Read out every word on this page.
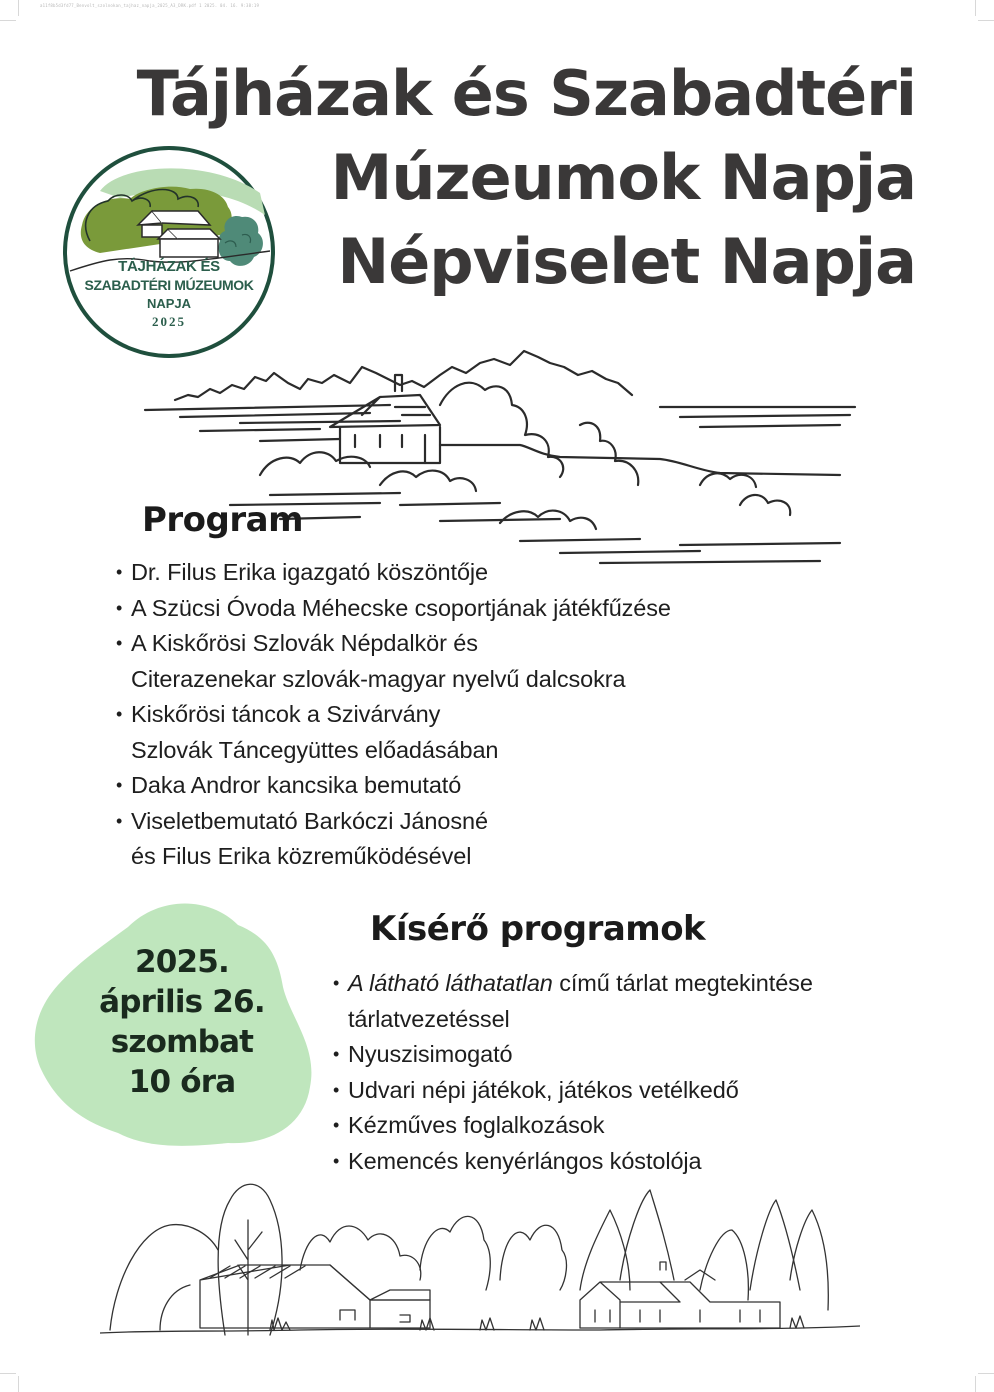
a11f8b5d3fd77_Benvolt_szolnokan_tajhaz_napja_2025_A3_DRK.pdf 1 2025. 04. 16. 9:38:19
Tájházak és Szabadtéri
Múzeumok Napja
Népviselet Napja
TÁJHÁZAK ÉS
SZABADTÉRI MÚZEUMOK
NAPJA
2025
Program
• Dr. Filus Erika igazgató köszöntője
• A Szücsi Óvoda Méhecske csoportjának játékfűzése
• A Kiskőrösi Szlovák Népdalkör és
Citerazenekar szlovák-magyar nyelvű dalcsokra
• Kiskőrösi táncok a Szivárvány
Szlovák Táncegyüttes előadásában
• Daka Andror kancsika bemutató
• Viseletbemutató Barkóczi Jánosné
és Filus Erika közreműködésével
2025.
április 26.
szombat
10 óra
Kísérő programok
• A látható láthatatlan című tárlat megtekintése
tárlatvezetéssel
• Nyuszisimogató
• Udvari népi játékok, játékos vetélkedő
• Kézműves foglalkozások
• Kemencés kenyérlángos kóstolója
